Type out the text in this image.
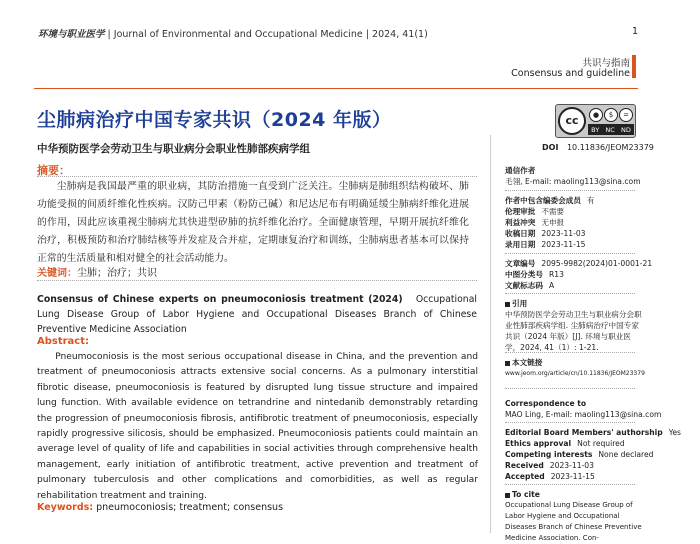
环境与职业医学 | Journal of Environmental and Occupational Medicine | 2024, 41(1)	1
共识与指南
Consensus and guideline
尘肺病治疗中国专家共识（2024 年版）
中华预防医学会劳动卫生与职业病分会职业性肺部疾病学组
cc	●	$	=
BY NC ND
DOI 10.11836/JEOM23379
摘要：
尘肺病是我国最严重的职业病，其防治措施一直受到广泛关注。尘肺病是肺组织结构破坏、肺功能受损的间质纤维化性疾病。汉防己甲素（粉防己碱）和尼达尼布有明确延缓尘肺病纤维化进展的作用，因此应该重视尘肺病尤其快进型矽肺的抗纤维化治疗。全面健康管理，早期开展抗纤维化治疗，积极预防和治疗肺结核等并发症及合并症，定期康复治疗和训练，尘肺病患者基本可以保持正常的生活质量和相对健全的社会活动能力。
关键词：尘肺；治疗；共识
Consensus of Chinese experts on pneumoconiosis treatment (2024) Occupational Lung Disease Group of Labor Hygiene and Occupational Diseases Branch of Chinese Preventive Medicine Association
Abstract:
Pneumoconiosis is the most serious occupational disease in China, and the prevention and treatment of pneumoconiosis attracts extensive social concerns. As a pulmonary interstitial fibrotic disease, pneumoconiosis is featured by disrupted lung tissue structure and impaired lung function. With available evidence on tetrandrine and nintedanib demonstrably retarding the progression of pneumoconiosis fibrosis, antifibrotic treatment of pneumoconiosis, especially rapidly progressive silicosis, should be emphasized. Pneumoconiosis patients could maintain an average level of quality of life and capabilities in social activities through comprehensive health management, early initiation of antifibrotic treatment, active prevention and treatment of pulmonary tuberculosis and other complications and comorbidities, as well as regular rehabilitation treatment and training.
Keywords: pneumoconiosis; treatment; consensus
通信作者
毛翎, E-mail: maoling113@sina.com
作者中包含编委会成员 有
伦理审批 不需要
利益冲突 无申报
收稿日期 2023-11-03
录用日期 2023-11-15
文章编号 2095-9982(2024)01-0001-21
中图分类号 R13
文献标志码 A
引用
中华预防医学会劳动卫生与职业病分会职业性肺部疾病学组. 尘肺病治疗中国专家共识（2024 年版）[J]. 环境与职业医学，2024, 41（1）: 1-21.
本文链接
www.jeom.org/article/cn/10.11836/JEOM23379
Correspondence to
MAO Ling, E-mail: maoling113@sina.com
Editorial Board Members' authorship Yes
Ethics approval Not required
Competing interests None declared
Received 2023-11-03
Accepted 2023-11-15
To cite
Occupational Lung Disease Group of Labor Hygiene and Occupational Diseases Branch of Chinese Preventive Medicine Association. Con-
